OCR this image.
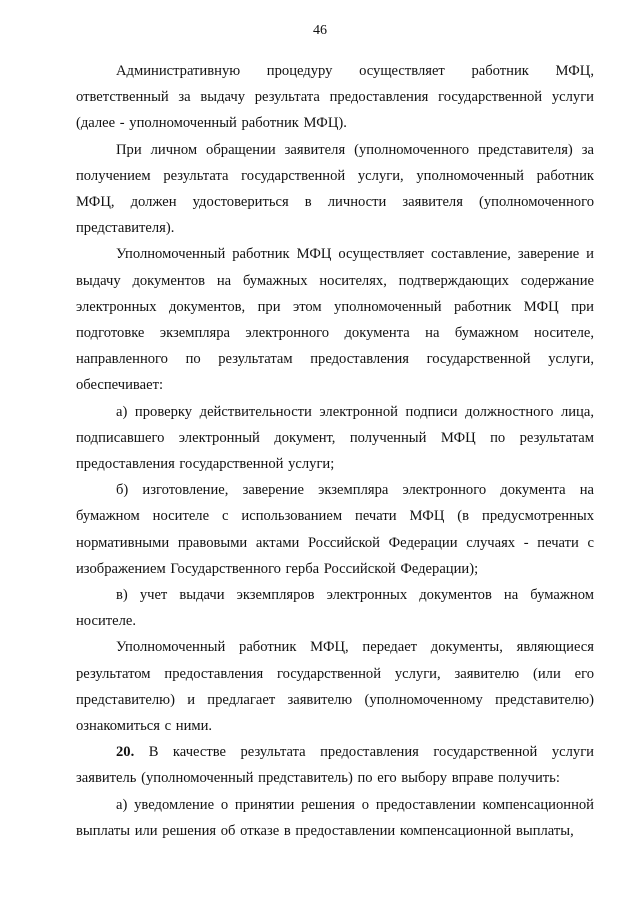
46

Административную процедуру осуществляет работник МФЦ, ответственный за выдачу результата предоставления государственной услуги (далее - уполномоченный работник МФЦ).

При личном обращении заявителя (уполномоченного представителя) за получением результата государственной услуги, уполномоченный работник МФЦ, должен удостовериться в личности заявителя (уполномоченного представителя).

Уполномоченный работник МФЦ осуществляет составление, заверение и выдачу документов на бумажных носителях, подтверждающих содержание электронных документов, при этом уполномоченный работник МФЦ при подготовке экземпляра электронного документа на бумажном носителе, направленного по результатам предоставления государственной услуги, обеспечивает:

а) проверку действительности электронной подписи должностного лица, подписавшего электронный документ, полученный МФЦ по результатам предоставления государственной услуги;

б) изготовление, заверение экземпляра электронного документа на бумажном носителе с использованием печати МФЦ (в предусмотренных нормативными правовыми актами Российской Федерации случаях - печати с изображением Государственного герба Российской Федерации);

в) учет выдачи экземпляров электронных документов на бумажном носителе.

Уполномоченный работник МФЦ, передает документы, являющиеся результатом предоставления государственной услуги, заявителю (или его представителю) и предлагает заявителю (уполномоченному представителю) ознакомиться с ними.

20. В качестве результата предоставления государственной услуги заявитель (уполномоченный представитель) по его выбору вправе получить:

а) уведомление о принятии решения о предоставлении компенсационной выплаты или решения об отказе в предоставлении компенсационной выплаты,
